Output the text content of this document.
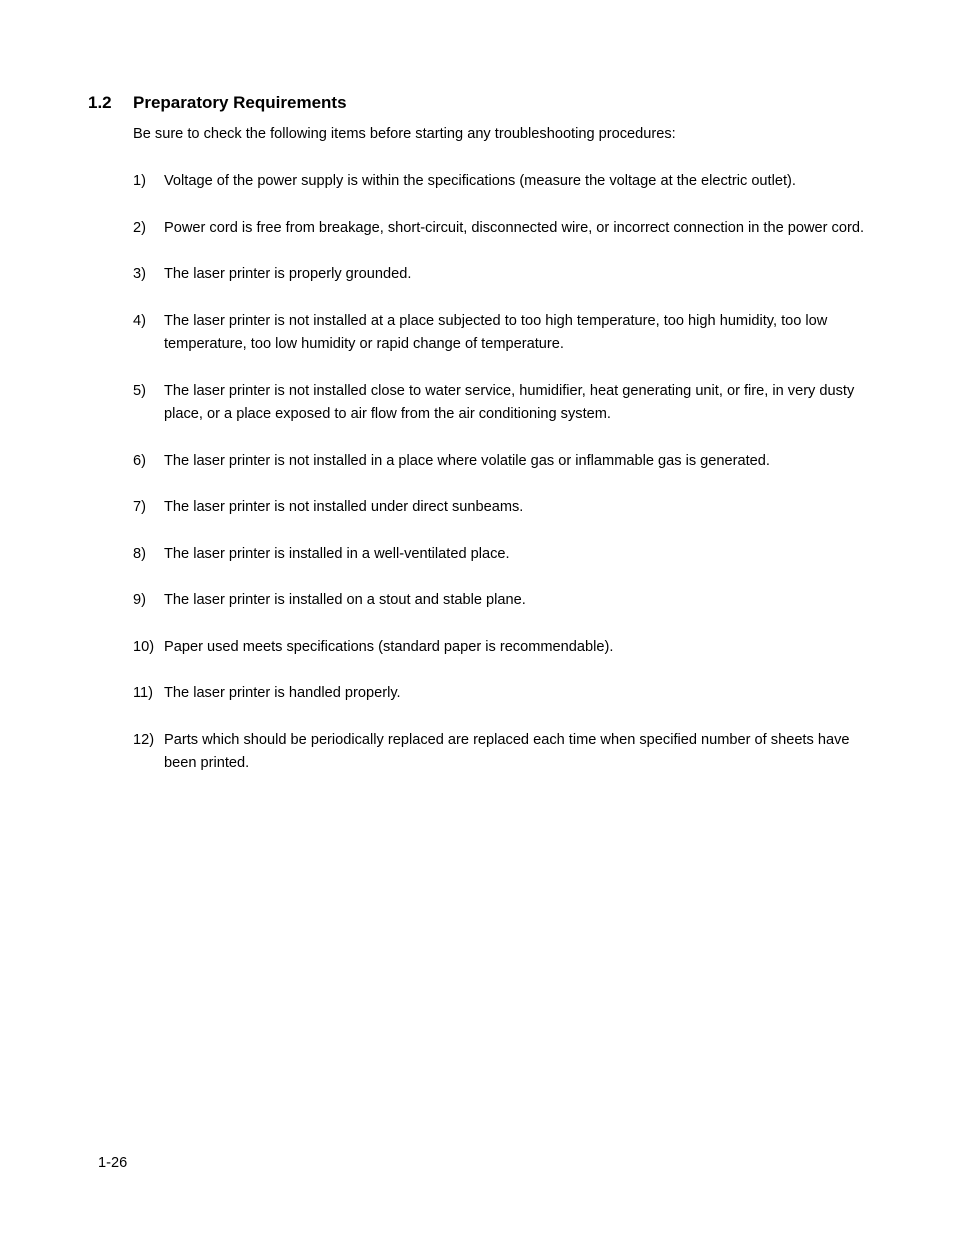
1.2 Preparatory Requirements
Be sure to check the following items before starting any troubleshooting procedures:
1)	Voltage of the power supply is within the specifications (measure the voltage at the electric outlet).
2)	Power cord is free from breakage, short-circuit, disconnected wire, or incorrect connection in the power cord.
3)	The laser printer is properly grounded.
4)	The laser printer is not installed at a place subjected to too high temperature, too high humidity, too low temperature, too low humidity or rapid change of temperature.
5)	The laser printer is not installed close to water service, humidifier, heat generating unit, or fire, in very dusty place, or a place exposed to air flow from the air conditioning system.
6)	The laser printer is not installed in a place where volatile gas or inflammable gas is generated.
7)	The laser printer is not installed under direct sunbeams.
8)	The laser printer is installed in a well-ventilated place.
9)	The laser printer is installed on a stout and stable plane.
10) Paper used meets specifications (standard paper is recommendable).
11) The laser printer is handled properly.
12) Parts which should be periodically replaced are replaced each time when specified number of sheets have been printed.
1-26
